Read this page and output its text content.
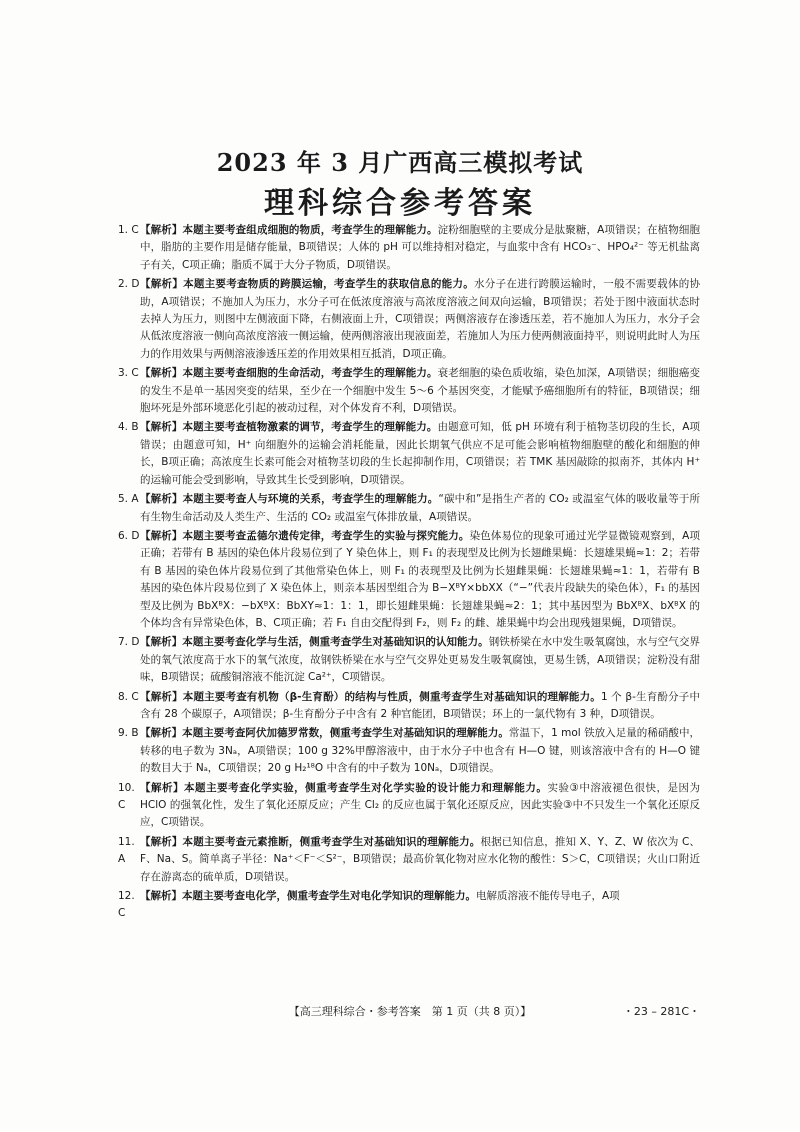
2023 年 3 月广西高三模拟考试
理科综合参考答案

1. C 【解析】本题主要考查组成细胞的物质，考查学生的理解能力。淀粉细胞壁的主要成分是肽聚糖，A项错误；在植物细胞中，脂肪的主要作用是储存能量，B项错误；人体的 pH 可以维持相对稳定，与血浆中含有 HCO₃⁻、HPO₄²⁻ 等无机盐离子有关，C项正确；脂质不属于大分子物质，D项错误。

2. D 【解析】本题主要考查物质的跨膜运输，考查学生的获取信息的能力。水分子在进行跨膜运输时，一般不需要载体的协助，A项错误；不施加人为压力，水分子可在低浓度溶液与高浓度溶液之间双向运输，B项错误；若处于图中液面状态时去掉人为压力，则图中左侧液面下降，右侧液面上升，C项错误；两侧溶液存在渗透压差，若不施加人为压力，水分子会从低浓度溶液一侧向高浓度溶液一侧运输，使两侧溶液出现液面差，若施加人为压力使两侧液面持平，则说明此时人为压力的作用效果与两侧溶液渗透压差的作用效果相互抵消，D项正确。

3. C 【解析】本题主要考查细胞的生命活动，考查学生的理解能力。衰老细胞的染色质收缩，染色加深，A项错误；细胞癌变的发生不是单一基因突变的结果，至少在一个细胞中发生 5～6 个基因突变，才能赋予癌细胞所有的特征，B项错误；细胞坏死是外部环境恶化引起的被动过程，对个体发育不利，D项错误。

4. B 【解析】本题主要考查植物激素的调节，考查学生的理解能力。由题意可知，低 pH 环境有利于植物茎切段的生长，A项错误；由题意可知，H⁺ 向细胞外的运输会消耗能量，因此长期氧气供应不足可能会影响植物细胞壁的酸化和细胞的伸长，B项正确；高浓度生长素可能会对植物茎切段的生长起抑制作用，C项错误；若 TMK 基因敲除的拟南芥，其体内 H⁺ 的运输可能会受到影响，导致其生长受到影响，D项错误。

5. A 【解析】本题主要考查人与环境的关系，考查学生的理解能力。“碳中和”是指生产者的 CO₂ 或温室气体的吸收量等于所有生物生命活动及人类生产、生活的 CO₂ 或温室气体排放量，A项错误。

6. D 【解析】本题主要考查孟德尔遗传定律，考查学生的实验与探究能力。染色体易位的现象可通过光学显微镜观察到，A项正确；若带有 B 基因的染色体片段易位到了 Y 染色体上，则 F₁ 的表现型及比例为长翅雌果蝇：长翅雄果蝇≈1：2；若带有 B 基因的染色体片段易位到了其他常染色体上，则 F₁ 的表现型及比例为长翅雌果蝇：长翅雄果蝇≈1：1，若带有 B 基因的染色体片段易位到了 X 染色体上，则亲本基因型组合为 B−XᴮY×bbXX（“−”代表片段缺失的染色体），F₁ 的基因型及比例为 BbXᴮX：−bXᴮX：BbXY≈1：1：1，即长翅雌果蝇：长翅雄果蝇≈2：1；其中基因型为 BbXᴮX、bXᴮX 的个体均含有异常染色体，B、C项正确；若 F₁ 自由交配得到 F₂，则 F₂ 的雌、雄果蝇中均会出现残翅果蝇，D项错误。

7. D 【解析】本题主要考查化学与生活，侧重考查学生对基础知识的认知能力。钢铁桥梁在水中发生吸氧腐蚀，水与空气交界处的氧气浓度高于水下的氧气浓度，故钢铁桥梁在水与空气交界处更易发生吸氧腐蚀，更易生锈，A项错误；淀粉没有甜味，B项错误；硫酸铜溶液不能沉淀 Ca²⁺，C项错误。

8. C 【解析】本题主要考查有机物（β-生育酚）的结构与性质，侧重考查学生对基础知识的理解能力。1 个 β-生育酚分子中含有 28 个碳原子，A项错误；β-生育酚分子中含有 2 种官能团，B项错误；环上的一氯代物有 3 种，D项错误。

9. B 【解析】本题主要考查阿伏加德罗常数，侧重考查学生对基础知识的理解能力。常温下，1 mol 铁放入足量的稀硝酸中，转移的电子数为 3Nₐ，A项错误；100 g 32%甲醇溶液中，由于水分子中也含有 H—O 键，则该溶液中含有的 H—O 键的数目大于 Nₐ，C项错误；20 g H₂¹⁸O 中含有的中子数为 10Nₐ，D项错误。

10. C
【解析】本题主要考查化学实验，侧重考查学生对化学实验的设计能力和理解能力。实验③中溶液褪色很快，是因为 HClO 的强氧化性，发生了氧化还原反应；产生 Cl₂ 的反应也属于氧化还原反应，因此实验③中不只发生一个氧化还原反应，C项错误。

11. A
【解析】本题主要考查元素推断，侧重考查学生对基础知识的理解能力。根据已知信息，推知 X、Y、Z、W 依次为 C、F、Na、S。简单离子半径：Na⁺＜F⁻＜S²⁻，B项错误；最高价氧化物对应水化物的酸性：S＞C，C项错误；火山口附近存在游离态的硫单质，D项错误。

12. C
【解析】本题主要考查电化学，侧重考查学生对电化学知识的理解能力。电解质溶液不能传导电子，A项

【高三理科综合・参考答案　第 1 页（共 8 页）】	・23 – 281C・
